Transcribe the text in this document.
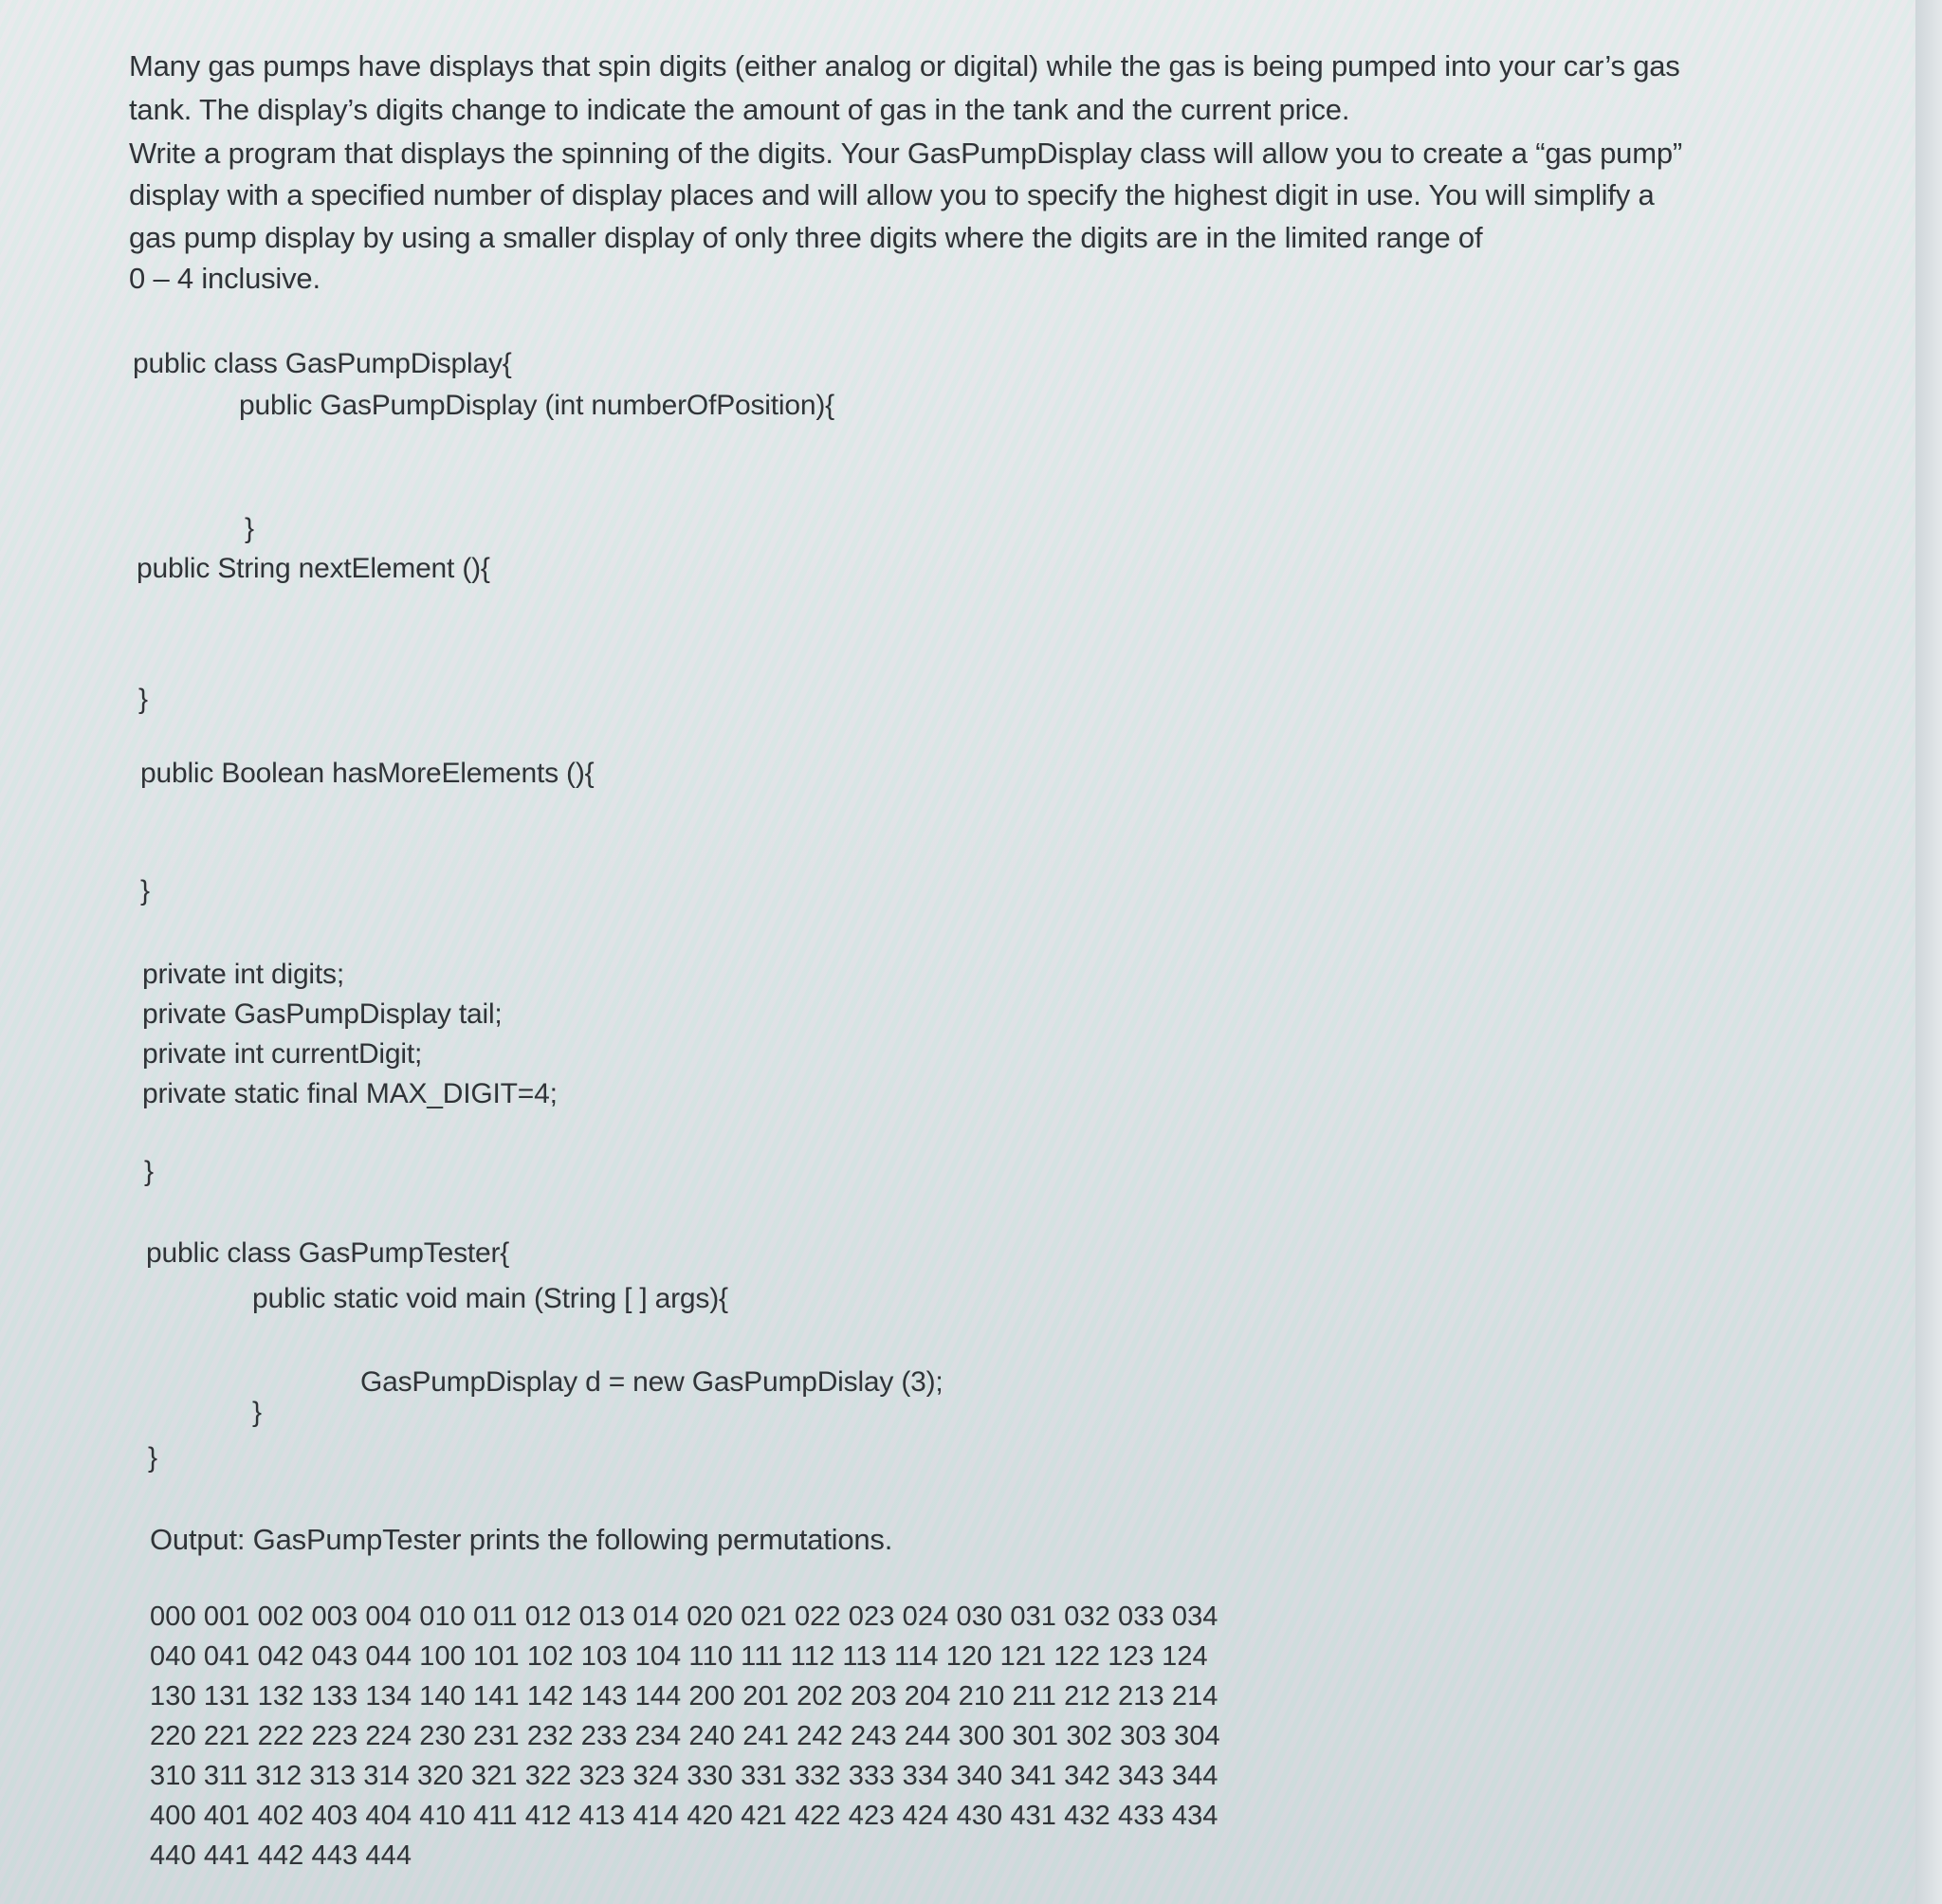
Many gas pumps have displays that spin digits (either analog or digital) while the gas is being pumped into your car’s gas
tank. The display’s digits change to indicate the amount of gas in the tank and the current price.
Write a program that displays the spinning of the digits. Your GasPumpDisplay class will allow you to create a “gas pump”
display with a specified number of display places and will allow you to specify the highest digit in use. You will simplify a
gas pump display by using a smaller display of only three digits where the digits are in the limited range of
0 – 4 inclusive.
public class GasPumpDisplay{
public GasPumpDisplay (int numberOfPosition){
}
public String nextElement (){
}
public Boolean hasMoreElements (){
}
private int digits;
private GasPumpDisplay tail;
private int currentDigit;
private static final MAX_DIGIT=4;
}
public class GasPumpTester{
public static void main (String [ ] args){
GasPumpDisplay d = new GasPumpDislay (3);
}
}
Output: GasPumpTester prints the following permutations.
000 001 002 003 004 010 011 012 013 014 020 021 022 023 024 030 031 032 033 034
040 041 042 043 044 100 101 102 103 104 110 111 112 113 114 120 121 122 123 124
130 131 132 133 134 140 141 142 143 144 200 201 202 203 204 210 211 212 213 214
220 221 222 223 224 230 231 232 233 234 240 241 242 243 244 300 301 302 303 304
310 311 312 313 314 320 321 322 323 324 330 331 332 333 334 340 341 342 343 344
400 401 402 403 404 410 411 412 413 414 420 421 422 423 424 430 431 432 433 434
440 441 442 443 444
